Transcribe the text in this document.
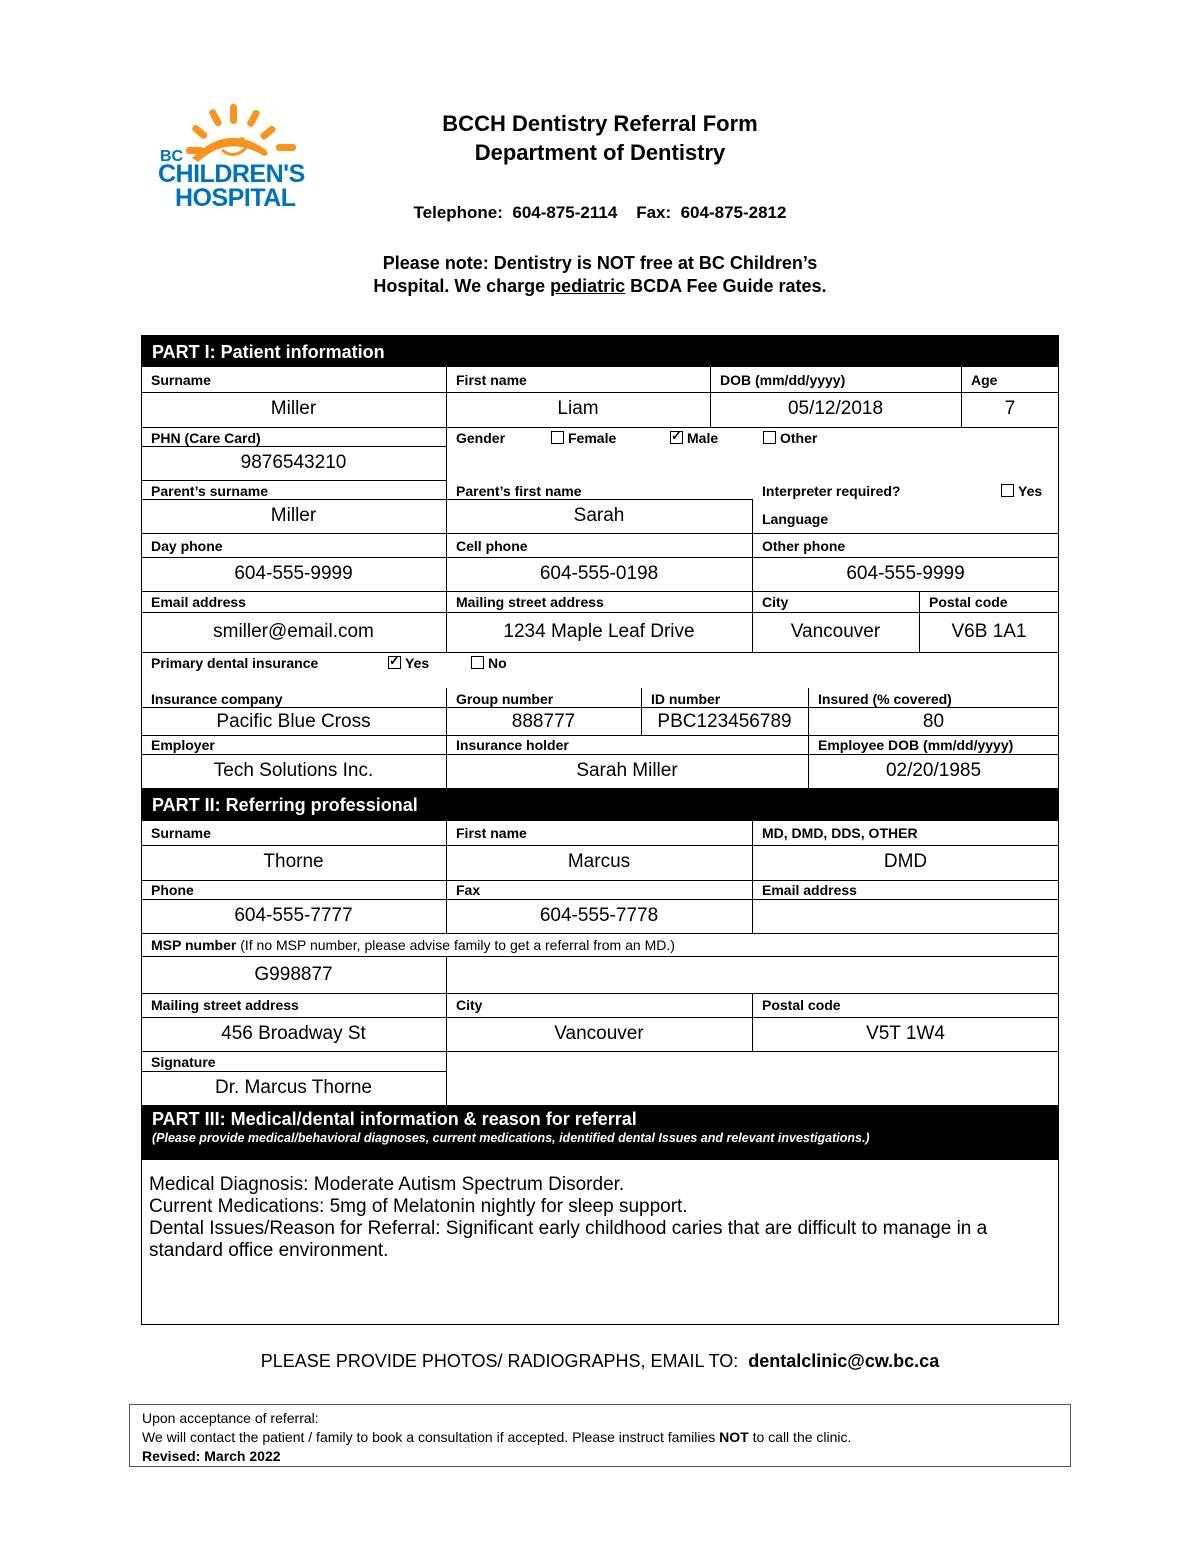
BC
CHILDREN'S
HOSPITAL
BCCH Dentistry Referral Form
Department of Dentistry
Telephone:  604-875-2114    Fax:  604-875-2812
Please note: Dentistry is NOT free at BC Children’s
Hospital. We charge pediatric BCDA Fee Guide rates.
PART I: Patient information
Surname	First name	DOB (mm/dd/yyyy)	Age
Miller	Liam	05/12/2018	7
PHN (Care Card)
9876543210
Gender	Female ✓	Male	Other
Parent’s surname	Parent’s first name	Interpreter required?	Yes
Miller	Sarah	Language
Day phone	Cell phone	Other phone
604-555-9999	604-555-0198	604-555-9999
Email address	Mailing street address	City	Postal code
smiller@email.com	1234 Maple Leaf Drive	Vancouver	V6B 1A1
Primary dental insurance ✓	Yes	No
Insurance company	Group number	ID number	Insured (% covered)
Pacific Blue Cross	888777	PBC123456789	80
Employer	Insurance holder	Employee DOB (mm/dd/yyyy)
Tech Solutions Inc.	Sarah Miller	02/20/1985
PART II: Referring professional
Surname	First name	MD, DMD, DDS, OTHER
Thorne	Marcus	DMD
Phone	Fax	Email address
604-555-7777	604-555-7778
MSP number (If no MSP number, please advise family to get a referral from an MD.)
G998877
Mailing street address	City	Postal code
456 Broadway St	Vancouver	V5T 1W4
Signature
Dr. Marcus Thorne
PART III: Medical/dental information & reason for referral
(Please provide medical/behavioral diagnoses, current medications, identified dental Issues and relevant investigations.)
Medical Diagnosis: Moderate Autism Spectrum Disorder.
Current Medications: 5mg of Melatonin nightly for sleep support.
Dental Issues/Reason for Referral: Significant early childhood caries that are difficult to manage in a standard office environment.
PLEASE PROVIDE PHOTOS/ RADIOGRAPHS, EMAIL TO:  dentalclinic@cw.bc.ca
Upon acceptance of referral:
We will contact the patient / family to book a consultation if accepted. Please instruct families NOT to call the clinic.
Revised: March 2022
